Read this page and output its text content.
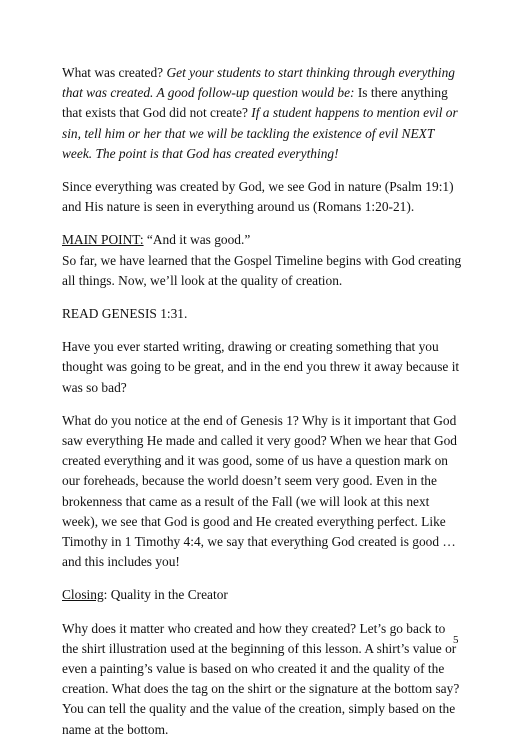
What was created? Get your students to start thinking through everything that was created. A good follow-up question would be: Is there anything that exists that God did not create? If a student happens to mention evil or sin, tell him or her that we will be tackling the existence of evil NEXT week. The point is that God has created everything!

Since everything was created by God, we see God in nature (Psalm 19:1) and His nature is seen in everything around us (Romans 1:20-21).

MAIN POINT: “And it was good.”
So far, we have learned that the Gospel Timeline begins with God creating all things. Now, we’ll look at the quality of creation.

READ GENESIS 1:31.

Have you ever started writing, drawing or creating something that you thought was going to be great, and in the end you threw it away because it was so bad?

What do you notice at the end of Genesis 1? Why is it important that God saw everything He made and called it very good? When we hear that God created everything and it was good, some of us have a question mark on our foreheads, because the world doesn’t seem very good. Even in the brokenness that came as a result of the Fall (we will look at this next week), we see that God is good and He created everything perfect. Like Timothy in 1 Timothy 4:4, we say that everything God created is good … and this includes you!

Closing: Quality in the Creator

Why does it matter who created and how they created? Let’s go back to the shirt illustration used at the beginning of this lesson. A shirt’s value or even a painting’s value is based on who created it and the quality of the creation. What does the tag on the shirt or the signature at the bottom say? You can tell the quality and the value of the creation, simply based on the name at the bottom.

5
